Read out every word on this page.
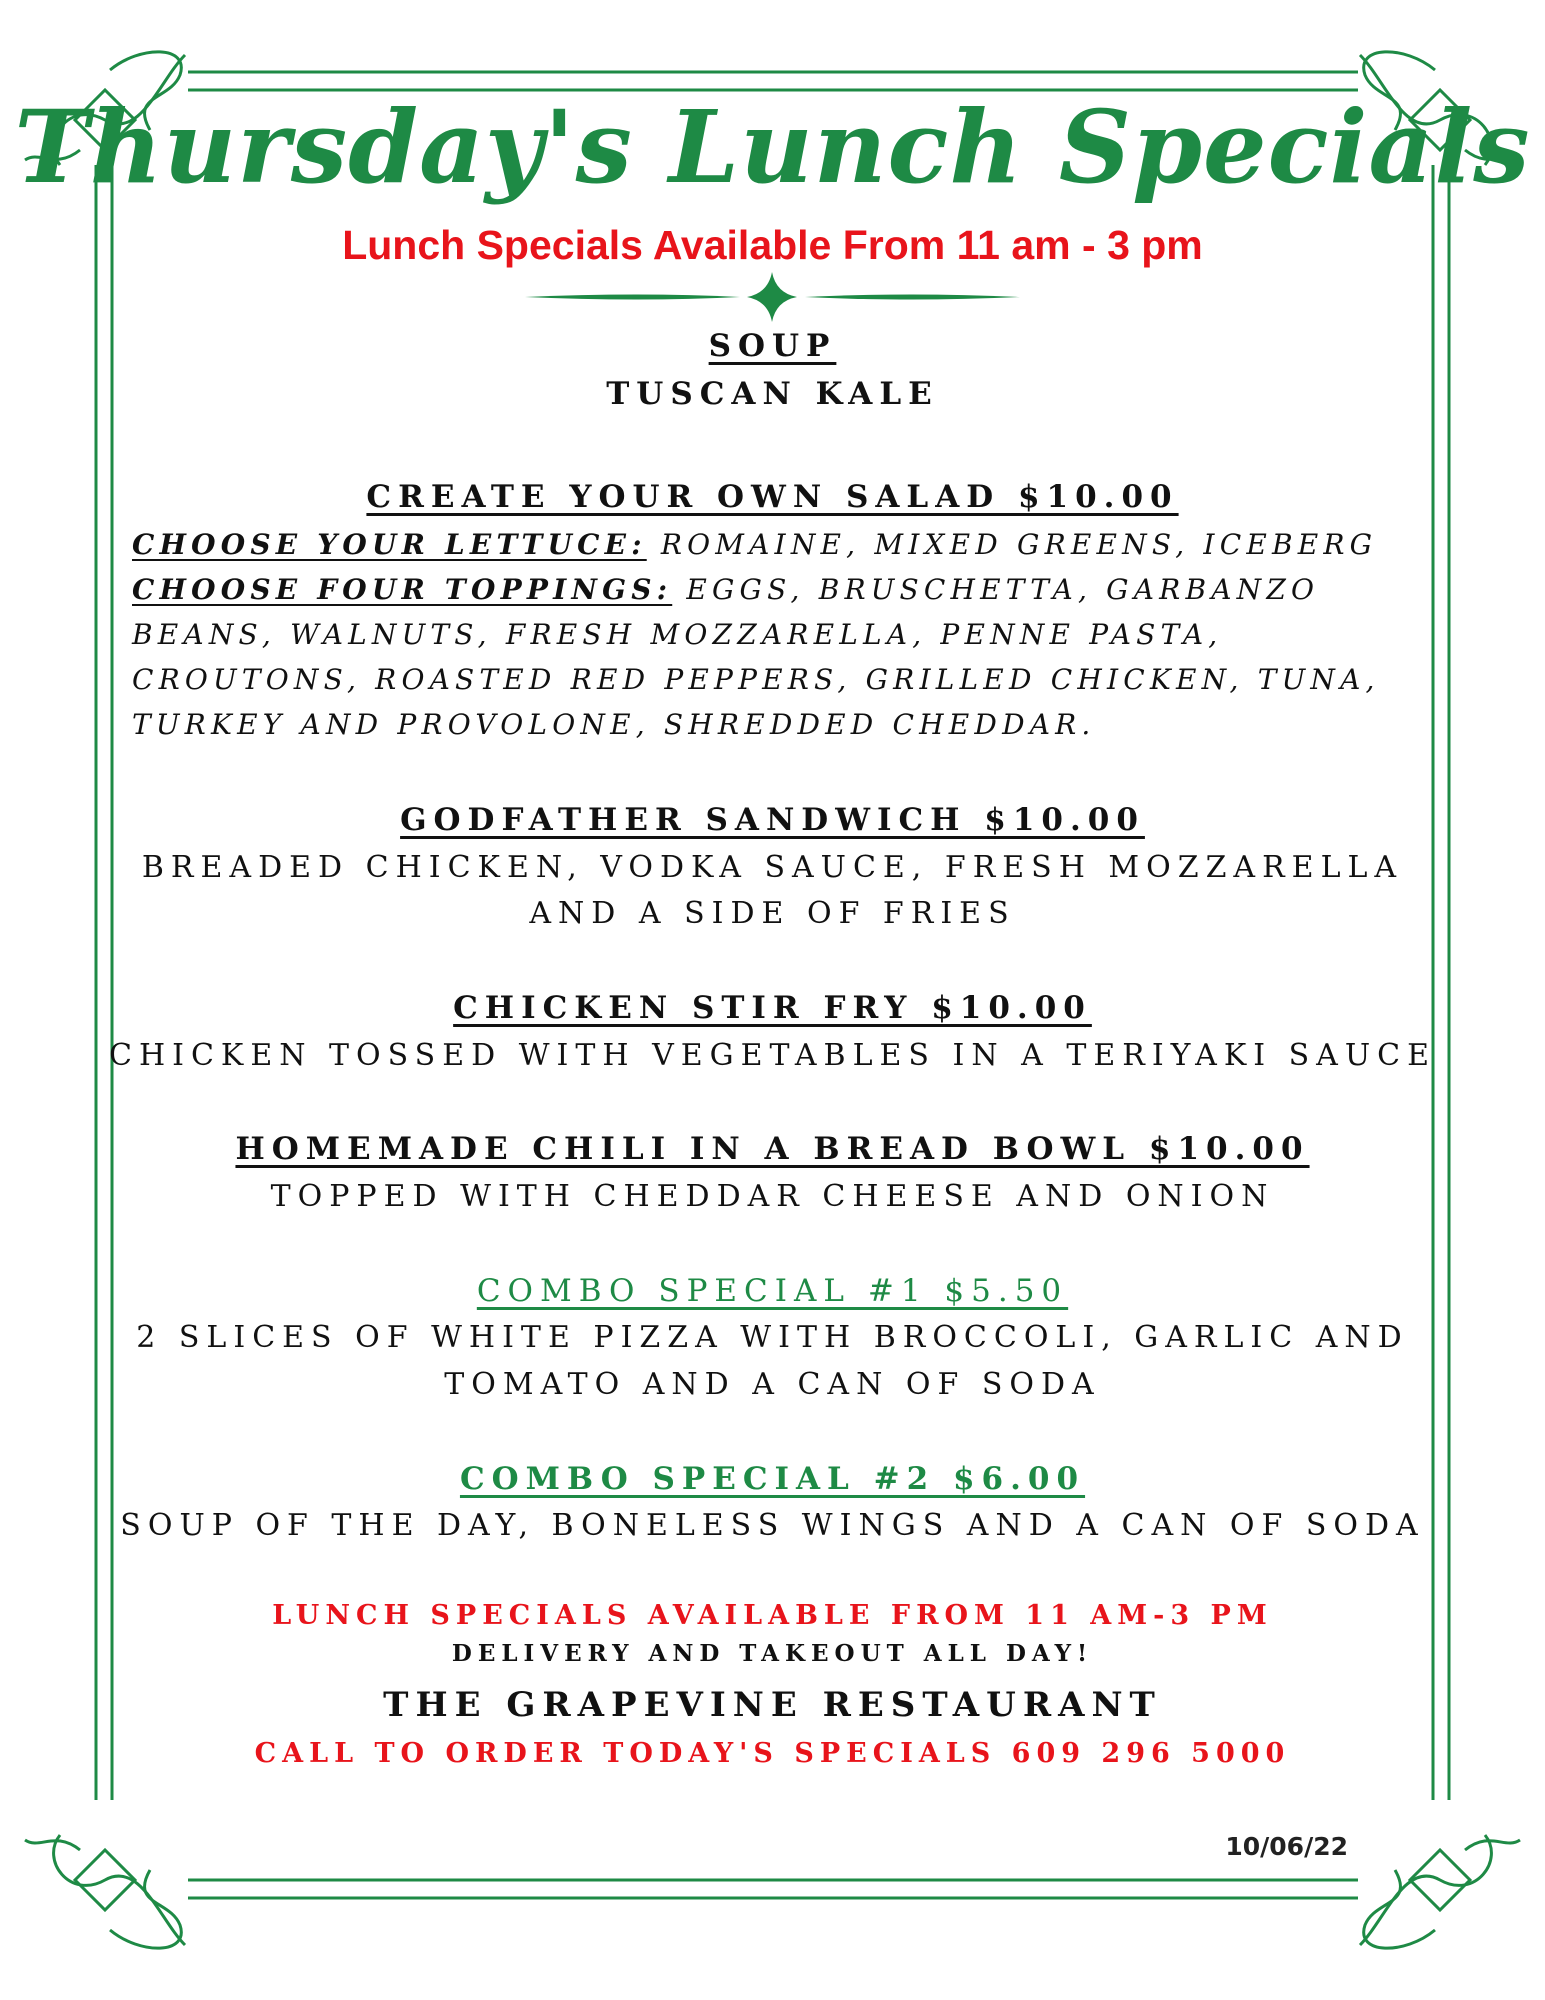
Thursday's Lunch Specials
Lunch Specials Available From 11 am - 3 pm
SOUP
TUSCAN KALE
CREATE YOUR OWN SALAD $10.00

CHOOSE YOUR LETTUCE: ROMAINE, MIXED GREENS, ICEBERG
CHOOSE FOUR TOPPINGS: EGGS, BRUSCHETTA, GARBANZO BEANS, WALNUTS, FRESH MOZZARELLA, PENNE PASTA, CROUTONS, ROASTED RED PEPPERS, GRILLED CHICKEN, TUNA, TURKEY AND PROVOLONE, SHREDDED CHEDDAR.

GODFATHER SANDWICH $10.00
BREADED CHICKEN, VODKA SAUCE, FRESH MOZZARELLA
AND A SIDE OF FRIES
CHICKEN STIR FRY $10.00
CHICKEN TOSSED WITH VEGETABLES IN A TERIYAKI SAUCE
HOMEMADE CHILI IN A BREAD BOWL $10.00
TOPPED WITH CHEDDAR CHEESE AND ONION
COMBO SPECIAL #1 $5.50
2 SLICES OF WHITE PIZZA WITH BROCCOLI, GARLIC AND
TOMATO AND A CAN OF SODA
COMBO SPECIAL #2 $6.00
SOUP OF THE DAY, BONELESS WINGS AND A CAN OF SODA
LUNCH SPECIALS AVAILABLE FROM 11 AM-3 PM
DELIVERY AND TAKEOUT ALL DAY!
THE GRAPEVINE RESTAURANT
CALL TO ORDER TODAY'S SPECIALS 609 296 5000
10/06/22
